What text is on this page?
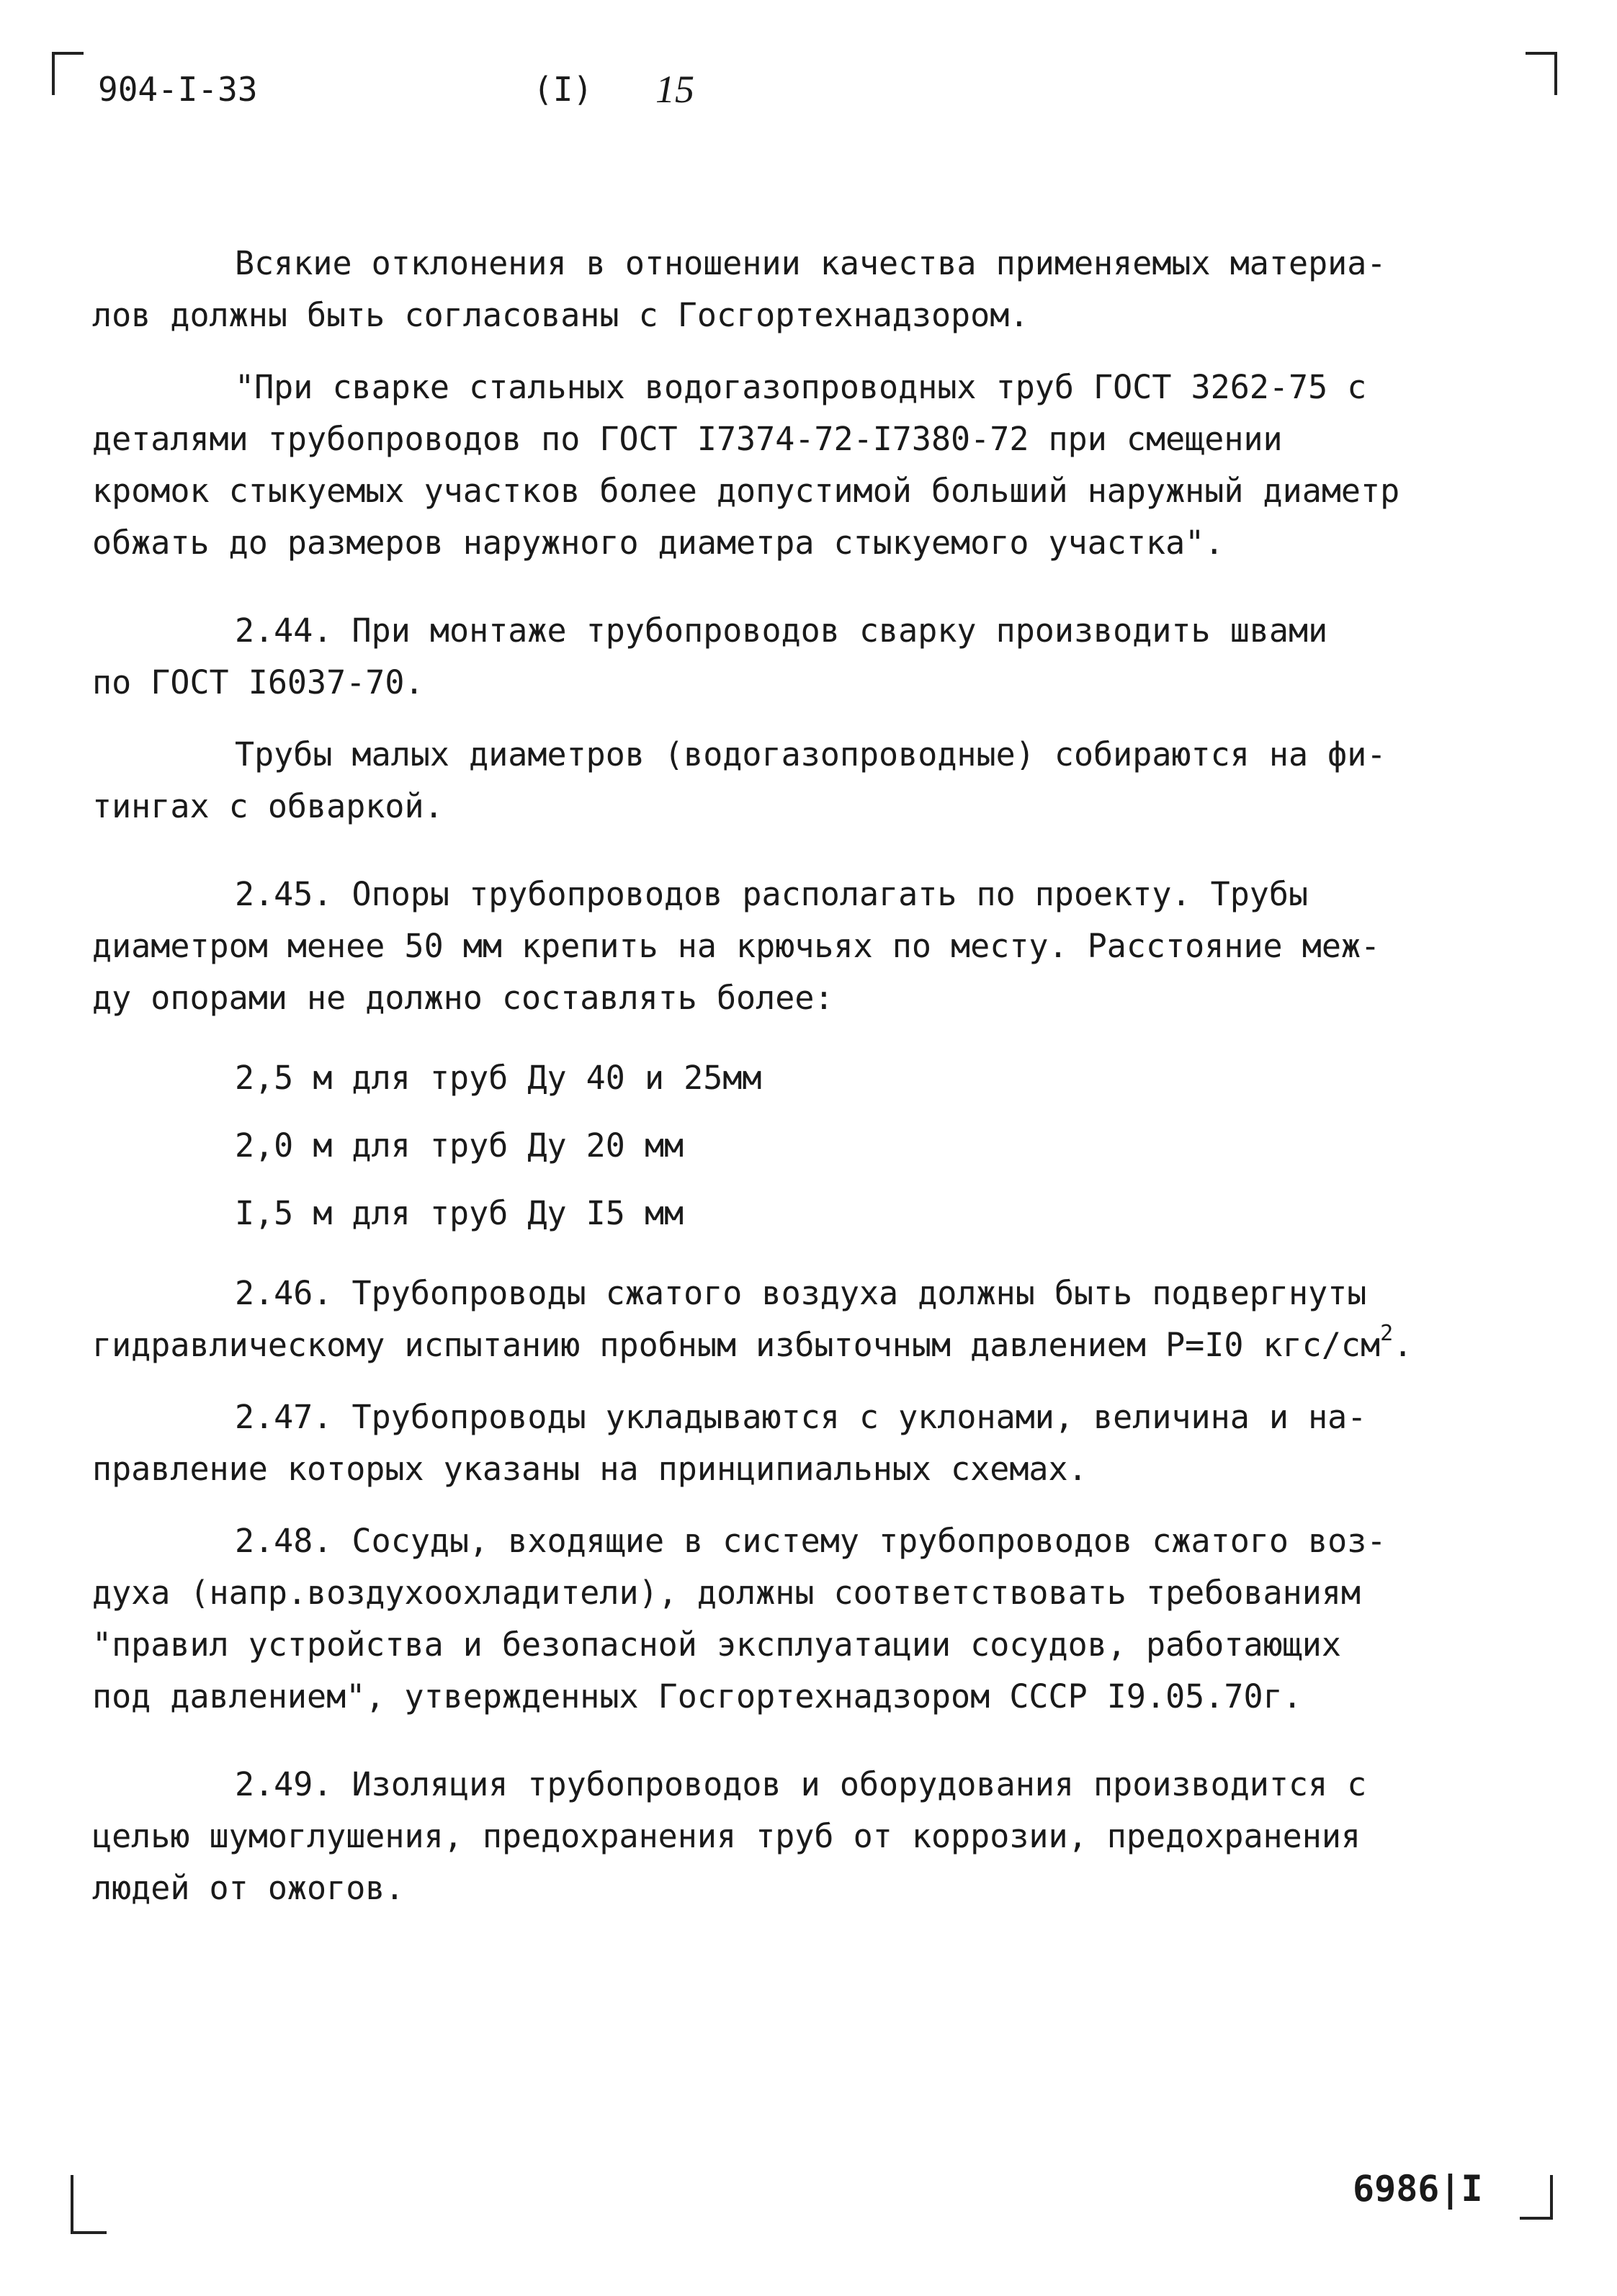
904-I-33	(I) 15

Всякие отклонения в отношении качества применяемых материа-

лов должны быть согласованы с Госгортехнадзором.

"При сварке стальных водогазопроводных труб ГОСТ 3262-75 с

деталями трубопроводов по ГОСТ I7374-72-I7380-72 при смещении

кромок стыкуемых участков более допустимой больший наружный диаметр

обжать до размеров наружного диаметра стыкуемого участка".

2.44. При монтаже трубопроводов сварку производить швами

по ГОСТ I6037-70.

Трубы малых диаметров (водогазопроводные) собираются на фи-

тингах с обваркой.

2.45. Опоры трубопроводов располагать по проекту. Трубы

диаметром менее 50 мм крепить на крючьях по месту. Расстояние меж-

ду опорами не должно составлять более:

2,5 м для труб Ду 40 и 25мм

2,0 м для труб Ду 20 мм

I,5 м для труб Ду I5 мм

2.46. Трубопроводы сжатого воздуха должны быть подвергнуты

гидравлическому испытанию пробным избыточным давлением Р=I0 кгс/$см^2$.

2.47. Трубопроводы укладываются с уклонами, величина и на-

правление которых указаны на принципиальных схемах.

2.48. Сосуды, входящие в систему трубопроводов сжатого воз-

духа (напр.воздухоохладители), должны соответствовать требованиям

"правил устройства и безопасной эксплуатации сосудов, работающих

под давлением", утвержденных Госгортехнадзором СССР I9.05.70г.

2.49. Изоляция трубопроводов и оборудования производится с

целью шумоглушения, предохранения труб от коррозии, предохранения

людей от ожогов.

6986|I
